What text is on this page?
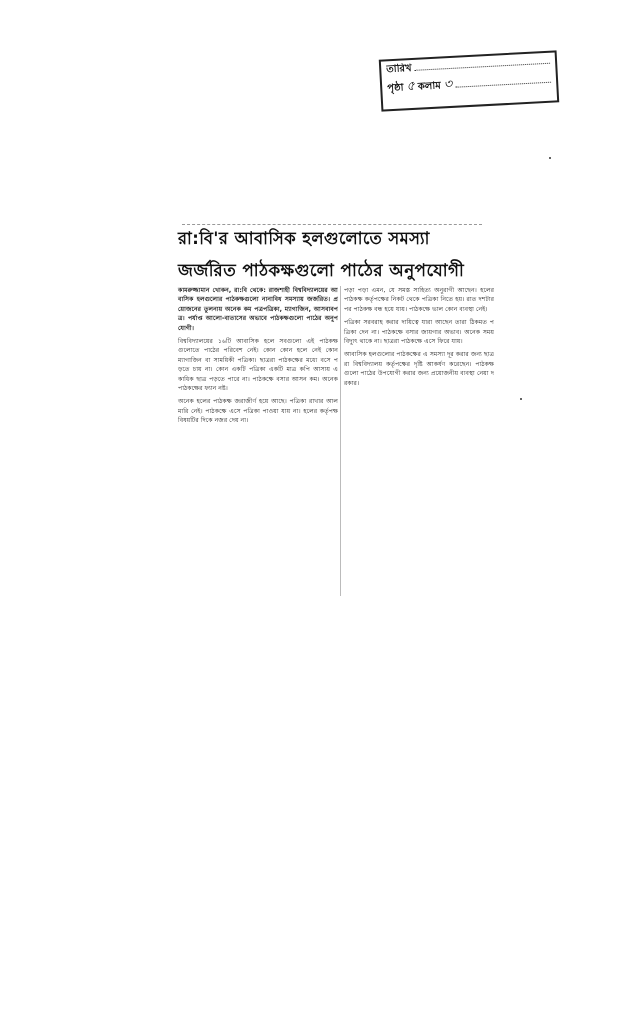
তারিখ
পৃষ্ঠা ৫ কলাম ৩
রা:বি'র আবাসিক হলগুলোতে সমস্যা
জর্জরিত পাঠকক্ষগুলো পাঠের অনুপযোগী

কামরুজ্জামান খোকন, রা:বি থেকে: রাজশাহী বিশ্ববিদ্যালয়ের আবাসিক হলগুলোর পাঠকক্ষগুলো নানাবিধ সমস্যায় জর্জরিত। প্রয়োজনের তুলনায় অনেক কম পত্রপত্রিকা, ম্যাগাজিন, আসবাবপত্র। পর্যাপ্ত আলো-বাতাসের অভাবে পাঠকক্ষগুলো পাঠের অনুপযোগী।

বিশ্ববিদ্যালয়ের ১৬টি আবাসিক হলে সবগুলো এই পাঠকক্ষগুলোতে পাঠের পরিবেশ নেই। কোন কোন হলে নেই কোন ম্যাগাজিন বা সাময়িকী পত্রিকা। ছাত্ররা পাঠকক্ষের মধ্যে বসে পড়তে চায় না। কোন একটি পত্রিকা একটি মাত্র কপি আসায় একাধিক ছাত্র পড়তে পারে না। পাঠকক্ষে বসার আসন কম। অনেক পাঠকক্ষের ফ্যান নষ্ট।

অনেক হলের পাঠকক্ষ জরাজীর্ণ হয়ে আছে। পত্রিকা রাখার আলমারি নেই। পাঠকক্ষে এসে পত্রিকা পাওয়া যায় না। হলের কর্তৃপক্ষ বিষয়টির দিকে নজর দেয় না।

পড়া পড়া এমন, যে সমস্ত সাহিত্য অনুরাগী আছেন। হলের পাঠকক্ষ কর্তৃপক্ষের নিকট থেকে পত্রিকা নিতে হয়। রাত দশটার পর পাঠকক্ষ বন্ধ হয়ে যায়। পাঠকক্ষে ভাল কোন ব্যবস্থা নেই।

পত্রিকা সরবরাহ করার দায়িত্বে যারা আছেন তারা ঠিকমত পত্রিকা দেন না। পাঠকক্ষে বসার জায়গার অভাব। অনেক সময় বিদ্যুৎ থাকে না। ছাত্ররা পাঠকক্ষে এসে ফিরে যায়।

আবাসিক হলগুলোর পাঠকক্ষের এ সমস্যা দূর করার জন্য ছাত্ররা বিশ্ববিদ্যালয় কর্তৃপক্ষের দৃষ্টি আকর্ষণ করেছেন। পাঠকক্ষগুলো পাঠের উপযোগী করার জন্য প্রয়োজনীয় ব্যবস্থা নেয়া দরকার।
